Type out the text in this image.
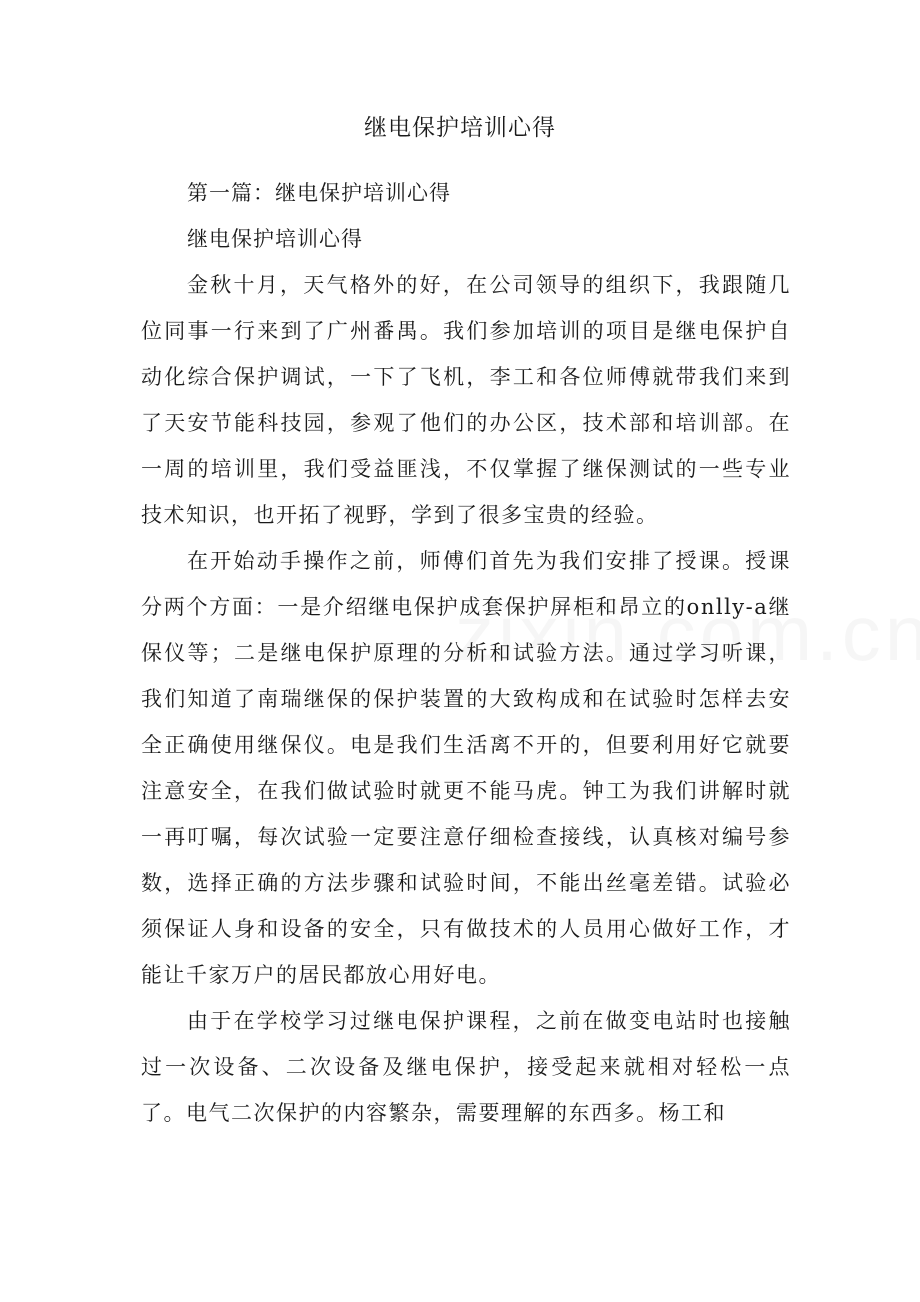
继电保护培训心得

第一篇：继电保护培训心得

继电保护培训心得

金秋十月，天气格外的好，在公司领导的组织下，我跟随几位同事一行来到了广州番禺。我们参加培训的项目是继电保护自动化综合保护调试，一下了飞机，李工和各位师傅就带我们来到了天安节能科技园，参观了他们的办公区，技术部和培训部。在一周的培训里，我们受益匪浅，不仅掌握了继保测试的一些专业技术知识，也开拓了视野，学到了很多宝贵的经验。

在开始动手操作之前，师傅们首先为我们安排了授课。授课分两个方面：一是介绍继电保护成套保护屏柜和昂立的onlly-a继保仪等；二是继电保护原理的分析和试验方法。通过学习听课，我们知道了南瑞继保的保护装置的大致构成和在试验时怎样去安全正确使用继保仪。电是我们生活离不开的，但要利用好它就要注意安全，在我们做试验时就更不能马虎。钟工为我们讲解时就一再叮嘱，每次试验一定要注意仔细检查接线，认真核对编号参数，选择正确的方法步骤和试验时间，不能出丝毫差错。试验必须保证人身和设备的安全，只有做技术的人员用心做好工作，才能让千家万户的居民都放心用好电。

由于在学校学习过继电保护课程，之前在做变电站时也接触过一次设备、二次设备及继电保护，接受起来就相对轻松一点了。电气二次保护的内容繁杂，需要理解的东西多。杨工和
